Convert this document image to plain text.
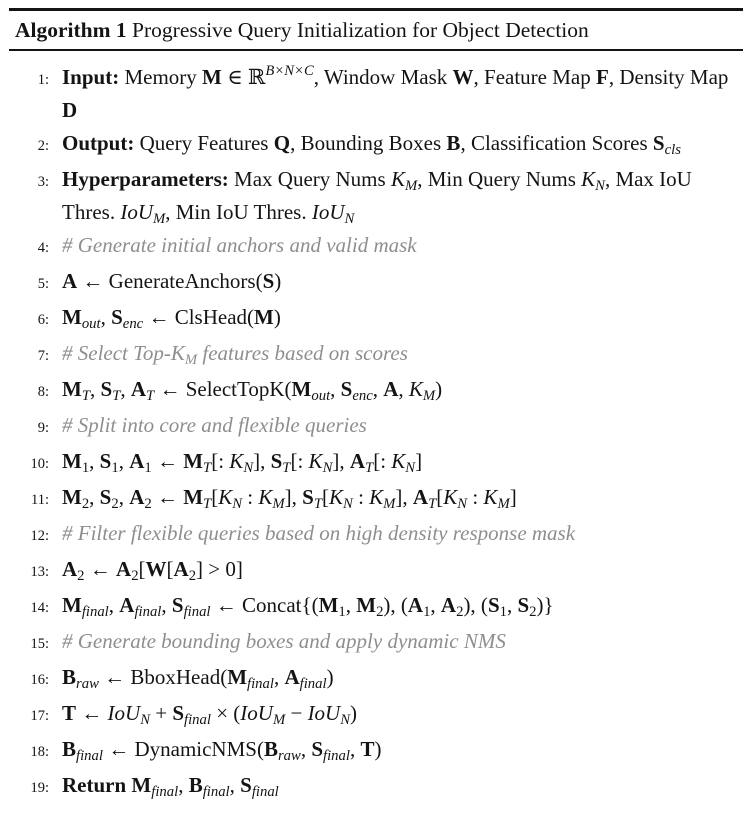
Algorithm 1 Progressive Query Initialization for Object Detection
1: Input: Memory M ∈ ℝ$^{B\times N\times C}$, Window Mask W, Feature Map F, Density Map D
2: Output: Query Features Q, Bounding Boxes B, Classification Scores $S_{cls}$
3: Hyperparameters: Max Query Nums $K_M$, Min Query Nums $K_N$, Max IoU Thres. IoU$_M$, Min IoU Thres. IoU$_N$
4: # Generate initial anchors and valid mask
5: A ← GenerateAnchors(S)
6: $M_{out}$, $S_{enc}$ ← ClsHead(M)
7: # Select Top-$K_M$ features based on scores
8: $M_T$, $S_T$, $A_T$ ← $SelectTopK(M_{out}$, $S_{enc}$, A, $K_M$)
9: # Split into core and flexible queries
10: $M_1$, $S_1$, $A_1$ ← $M_T$[: $K_N$], $S_T$[: $K_N$], $A_T$[: $K_N$]
11: $M_2$, $S_2$, $A_2$ ← $M_T[K_N$ : $K_M$], $S_T[K_N$ : $K_M$], $A_T[K_N$ : $K_M$]
12: # Filter flexible queries based on high density response mask
13: $A_2$ ← $A_2[W[A_2] > 0]$
14: $M_{final}$, $A_{final}$, $S_{final}$ ← $Concat\{(M_1$, $M_2$), ($A_1$, $A_2$), ($S_1$, $S_2$)}
15: # Generate bounding boxes and apply dynamic NMS
16: $B_{raw}$ ← $BboxHead(M_{final}$, $A_{final}$)
17: T ← $IoU_N + S_{final} \times (IoU_M - IoU_N)$
18: $B_{final}$ ← $DynamicNMS(B_{raw}$, $S_{final}$, T)
19: Return $M_{final}$, $B_{final}$, $S_{final}$
